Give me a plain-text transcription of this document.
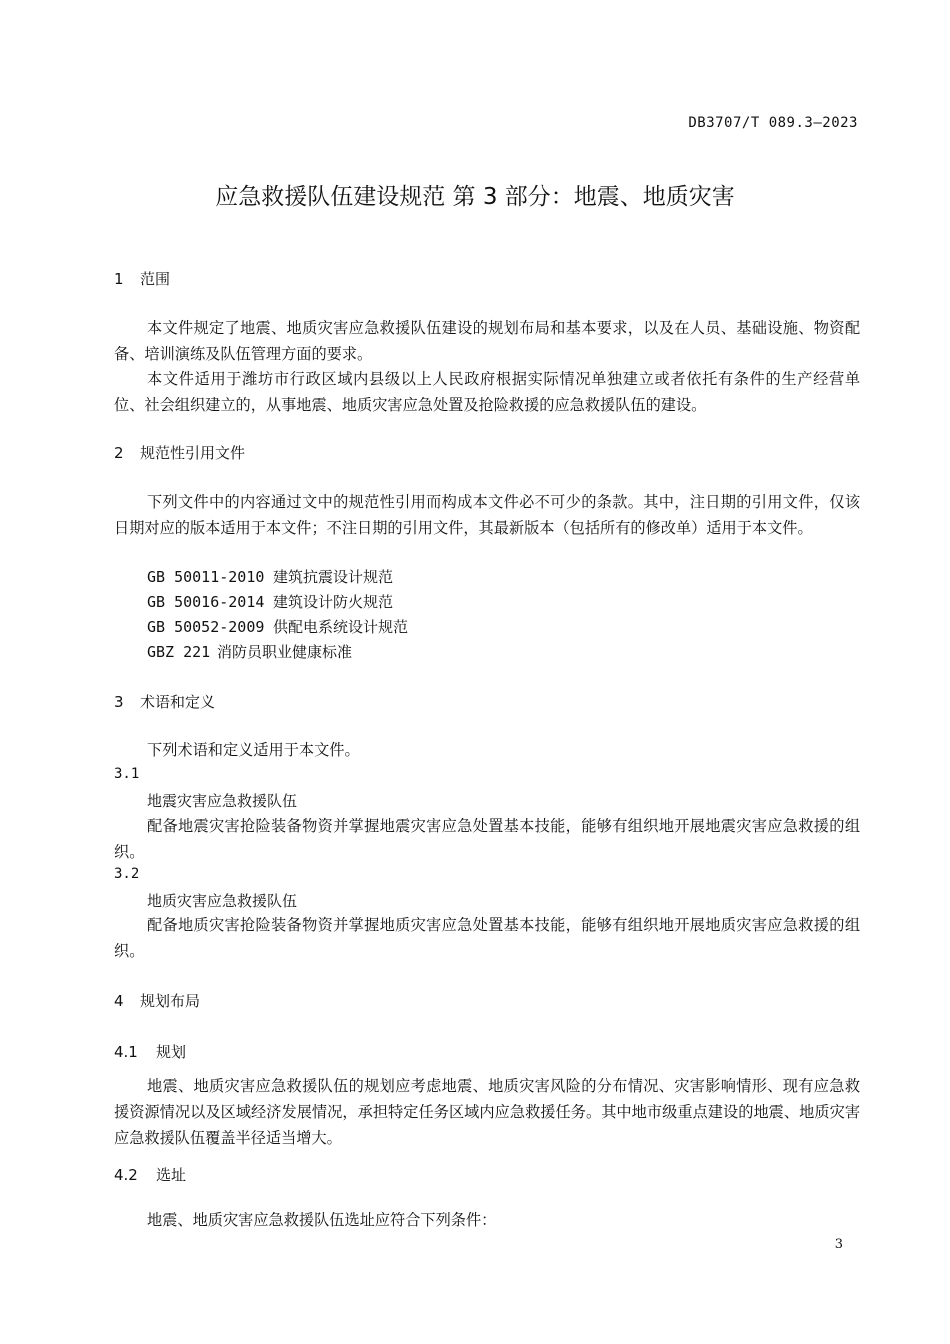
DB3707/T 089.3—2023
应急救援队伍建设规范 第 3 部分：地震、地质灾害
1 范围
本文件规定了地震、地质灾害应急救援队伍建设的规划布局和基本要求，以及在人员、基础设施、物资配备、培训演练及队伍管理方面的要求。
本文件适用于潍坊市行政区域内县级以上人民政府根据实际情况单独建立或者依托有条件的生产经营单位、社会组织建立的，从事地震、地质灾害应急处置及抢险救援的应急救援队伍的建设。
2 规范性引用文件
下列文件中的内容通过文中的规范性引用而构成本文件必不可少的条款。其中，注日期的引用文件，仅该日期对应的版本适用于本文件；不注日期的引用文件，其最新版本（包括所有的修改单）适用于本文件。
GB 50011-2010 建筑抗震设计规范
GB 50016-2014 建筑设计防火规范
GB 50052-2009 供配电系统设计规范
GBZ 221 消防员职业健康标准
3 术语和定义
下列术语和定义适用于本文件。
3.1
地震灾害应急救援队伍
配备地震灾害抢险装备物资并掌握地震灾害应急处置基本技能，能够有组织地开展地震灾害应急救援的组织。
3.2
地质灾害应急救援队伍
配备地质灾害抢险装备物资并掌握地质灾害应急处置基本技能，能够有组织地开展地质灾害应急救援的组织。
4 规划布局
4.1 规划
地震、地质灾害应急救援队伍的规划应考虑地震、地质灾害风险的分布情况、灾害影响情形、现有应急救援资源情况以及区域经济发展情况，承担特定任务区域内应急救援任务。其中地市级重点建设的地震、地质灾害应急救援队伍覆盖半径适当增大。
4.2 选址
地震、地质灾害应急救援队伍选址应符合下列条件：
3
